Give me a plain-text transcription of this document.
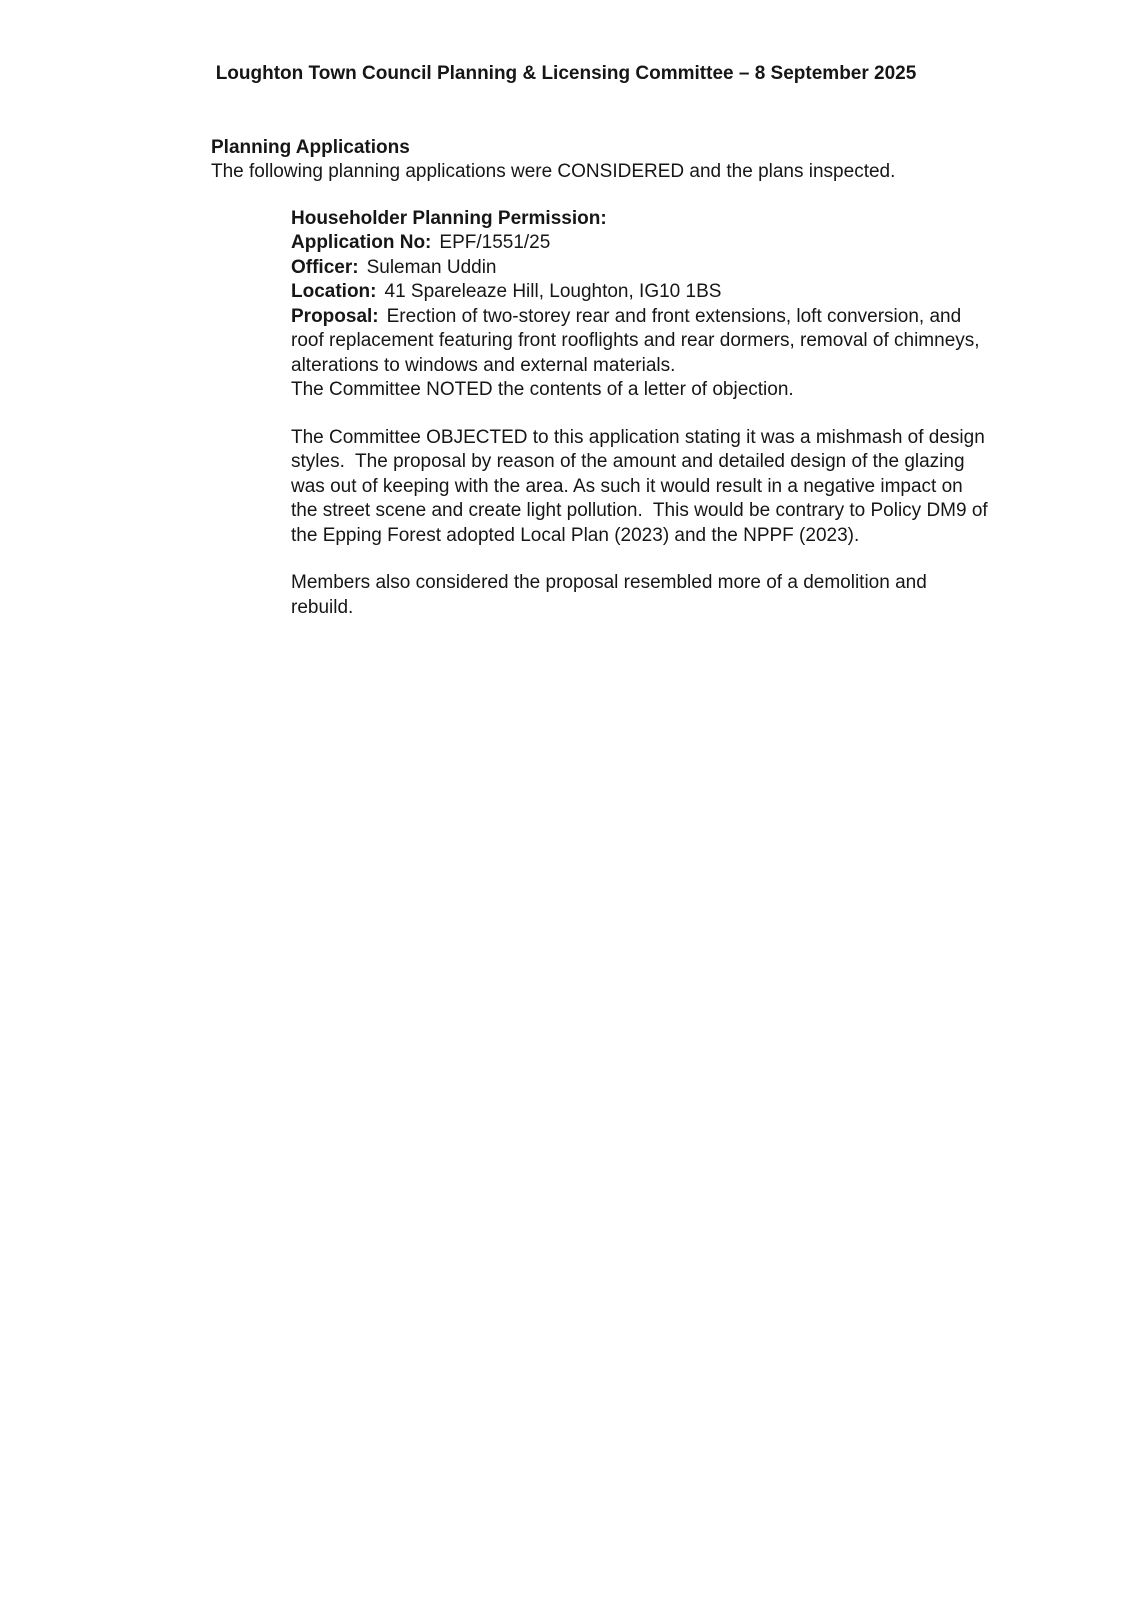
Loughton Town Council Planning & Licensing Committee – 8 September 2025
Planning Applications

The following planning applications were CONSIDERED and the plans inspected.

Householder Planning Permission:

Application No: EPF/1551/25

Officer: Suleman Uddin

Location: 41 Spareleaze Hill, Loughton, IG10 1BS

Proposal: Erection of two-storey rear and front extensions, loft conversion, and roof replacement featuring front rooflights and rear dormers, removal of chimneys, alterations to windows and external materials.

The Committee NOTED the contents of a letter of objection.

The Committee OBJECTED to this application stating it was a mishmash of design styles.  The proposal by reason of the amount and detailed design of the glazing was out of keeping with the area. As such it would result in a negative impact on the street scene and create light pollution.  This would be contrary to Policy DM9 of the Epping Forest adopted Local Plan (2023) and the NPPF (2023).

Members also considered the proposal resembled more of a demolition and rebuild.
